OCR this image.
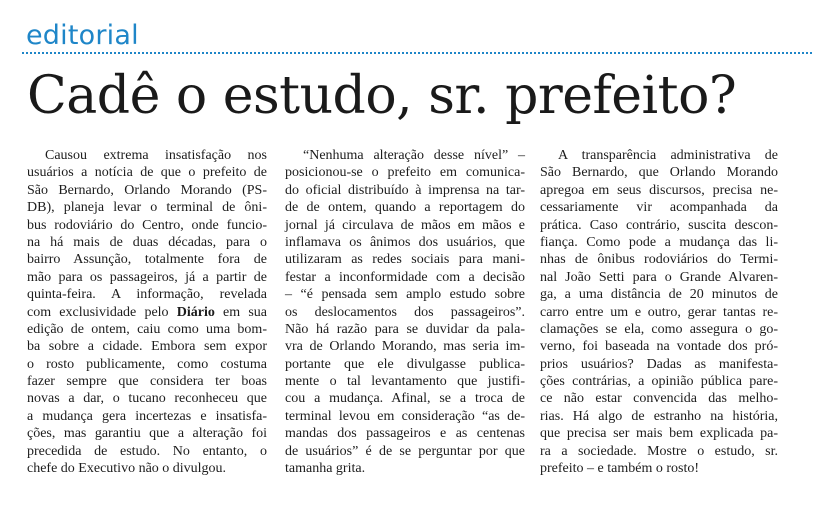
editorial
Cadê o estudo, sr. prefeito?
Causou extrema insatisfação nos
usuários a notícia de que o prefeito de
São Bernardo, Orlando Morando (PS-
DB), planeja levar o terminal de ôni-
bus rodoviário do Centro, onde funcio-
na há mais de duas décadas, para o
bairro Assunção, totalmente fora de
mão para os passageiros, já a partir de
quinta-feira. A informação, revelada
com exclusividade pelo Diário em sua
edição de ontem, caiu como uma bom-
ba sobre a cidade. Embora sem expor
o rosto publicamente, como costuma
fazer sempre que considera ter boas
novas a dar, o tucano reconheceu que
a mudança gera incertezas e insatisfa-
ções, mas garantiu que a alteração foi
precedida de estudo. No entanto, o
chefe do Executivo não o divulgou.
“Nenhuma alteração desse nível” –
posicionou-se o prefeito em comunica-
do oficial distribuído à imprensa na tar-
de de ontem, quando a reportagem do
jornal já circulava de mãos em mãos e
inflamava os ânimos dos usuários, que
utilizaram as redes sociais para mani-
festar a inconformidade com a decisão
– “é pensada sem amplo estudo sobre
os deslocamentos dos passageiros”.
Não há razão para se duvidar da pala-
vra de Orlando Morando, mas seria im-
portante que ele divulgasse publica-
mente o tal levantamento que justifi-
cou a mudança. Afinal, se a troca de
terminal levou em consideração “as de-
mandas dos passageiros e as centenas
de usuários” é de se perguntar por que
tamanha grita.
A transparência administrativa de
São Bernardo, que Orlando Morando
apregoa em seus discursos, precisa ne-
cessariamente vir acompanhada da
prática. Caso contrário, suscita descon-
fiança. Como pode a mudança das li-
nhas de ônibus rodoviários do Termi-
nal João Setti para o Grande Alvaren-
ga, a uma distância de 20 minutos de
carro entre um e outro, gerar tantas re-
clamações se ela, como assegura o go-
verno, foi baseada na vontade dos pró-
prios usuários? Dadas as manifesta-
ções contrárias, a opinião pública pare-
ce não estar convencida das melho-
rias. Há algo de estranho na história,
que precisa ser mais bem explicada pa-
ra a sociedade. Mostre o estudo, sr.
prefeito – e também o rosto!
